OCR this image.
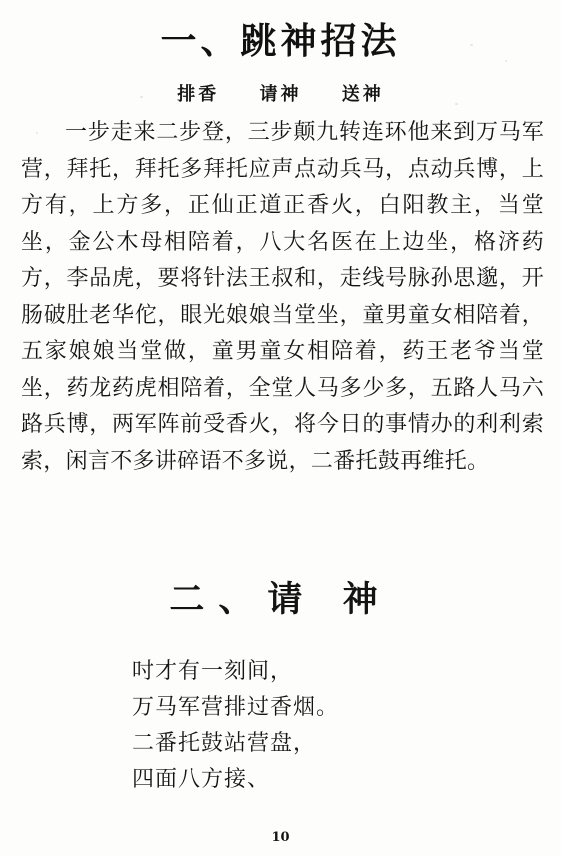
一、跳神招法
排香 请神 送神

一步走来二步登，三步颠九转连环他来到万马军营，拜托，拜托多拜托应声点动兵马，点动兵博，上方有，上方多，正仙正道正香火，白阳教主，当堂坐，金公木母相陪着，八大名医在上边坐，格济药方，李品虎，要将针法王叔和，走线号脉孙思邈，开肠破肚老华佗，眼光娘娘当堂坐，童男童女相陪着，五家娘娘当堂做，童男童女相陪着，药王老爷当堂坐，药龙药虎相陪着，全堂人马多少多，五路人马六路兵博，两军阵前受香火，将今日的事情办的利利索索，闲言不多讲碎语不多说，二番托鼓再维托。

二、请 神
吋才有一刻间，
万马军营排过香烟。
二番托鼓站营盘，
四面八方接、
10
